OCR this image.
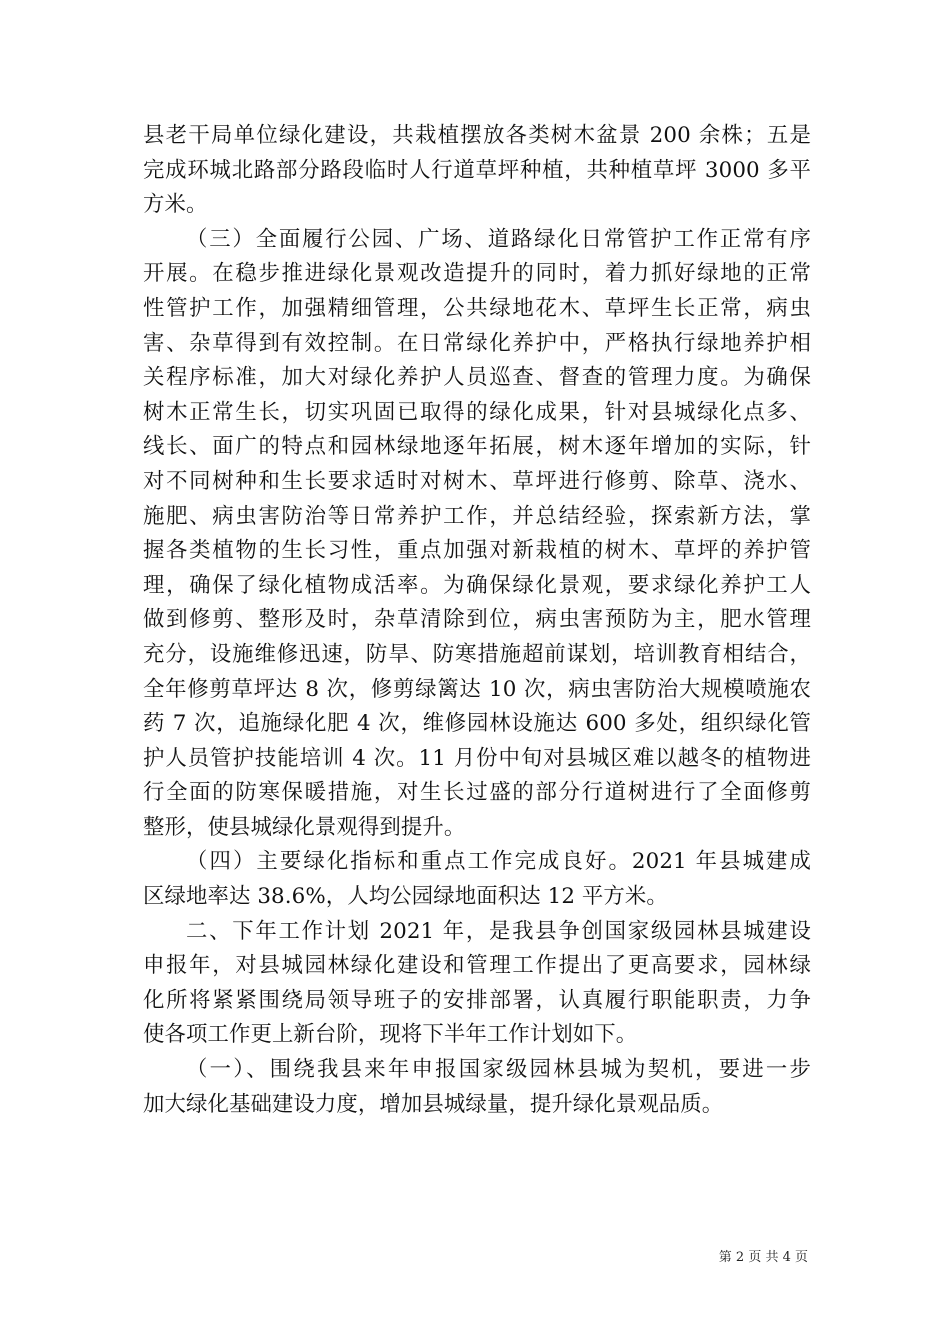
县老干局单位绿化建设，共栽植摆放各类树木盆景 200 余株；五是
完成环城北路部分路段临时人行道草坪种植，共种植草坪 3000 多平
方米。

（三）全面履行公园、广场、道路绿化日常管护工作正常有序
开展。在稳步推进绿化景观改造提升的同时，着力抓好绿地的正常
性管护工作，加强精细管理，公共绿地花木、草坪生长正常，病虫
害、杂草得到有效控制。在日常绿化养护中，严格执行绿地养护相
关程序标准，加大对绿化养护人员巡查、督查的管理力度。为确保
树木正常生长，切实巩固已取得的绿化成果，针对县城绿化点多、
线长、面广的特点和园林绿地逐年拓展，树木逐年增加的实际，针
对不同树种和生长要求适时对树木、草坪进行修剪、除草、浇水、
施肥、病虫害防治等日常养护工作，并总结经验，探索新方法，掌
握各类植物的生长习性，重点加强对新栽植的树木、草坪的养护管
理，确保了绿化植物成活率。为确保绿化景观，要求绿化养护工人
做到修剪、整形及时，杂草清除到位，病虫害预防为主，肥水管理
充分，设施维修迅速，防旱、防寒措施超前谋划，培训教育相结合，
全年修剪草坪达 8 次，修剪绿篱达 10 次，病虫害防治大规模喷施农
药 7 次，追施绿化肥 4 次，维修园林设施达 600 多处，组织绿化管
护人员管护技能培训 4 次。11 月份中旬对县城区难以越冬的植物进
行全面的防寒保暖措施，对生长过盛的部分行道树进行了全面修剪
整形，使县城绿化景观得到提升。

（四）主要绿化指标和重点工作完成良好。2021 年县城建成
区绿地率达 38.6%，人均公园绿地面积达 12 平方米。

二、下年工作计划 2021 年，是我县争创国家级园林县城建设
申报年，对县城园林绿化建设和管理工作提出了更高要求，园林绿
化所将紧紧围绕局领导班子的安排部署，认真履行职能职责，力争
使各项工作更上新台阶，现将下半年工作计划如下。

（一）、围绕我县来年申报国家级园林县城为契机，要进一步
加大绿化基础建设力度，增加县城绿量，提升绿化景观品质。

第 2 页 共 4 页
